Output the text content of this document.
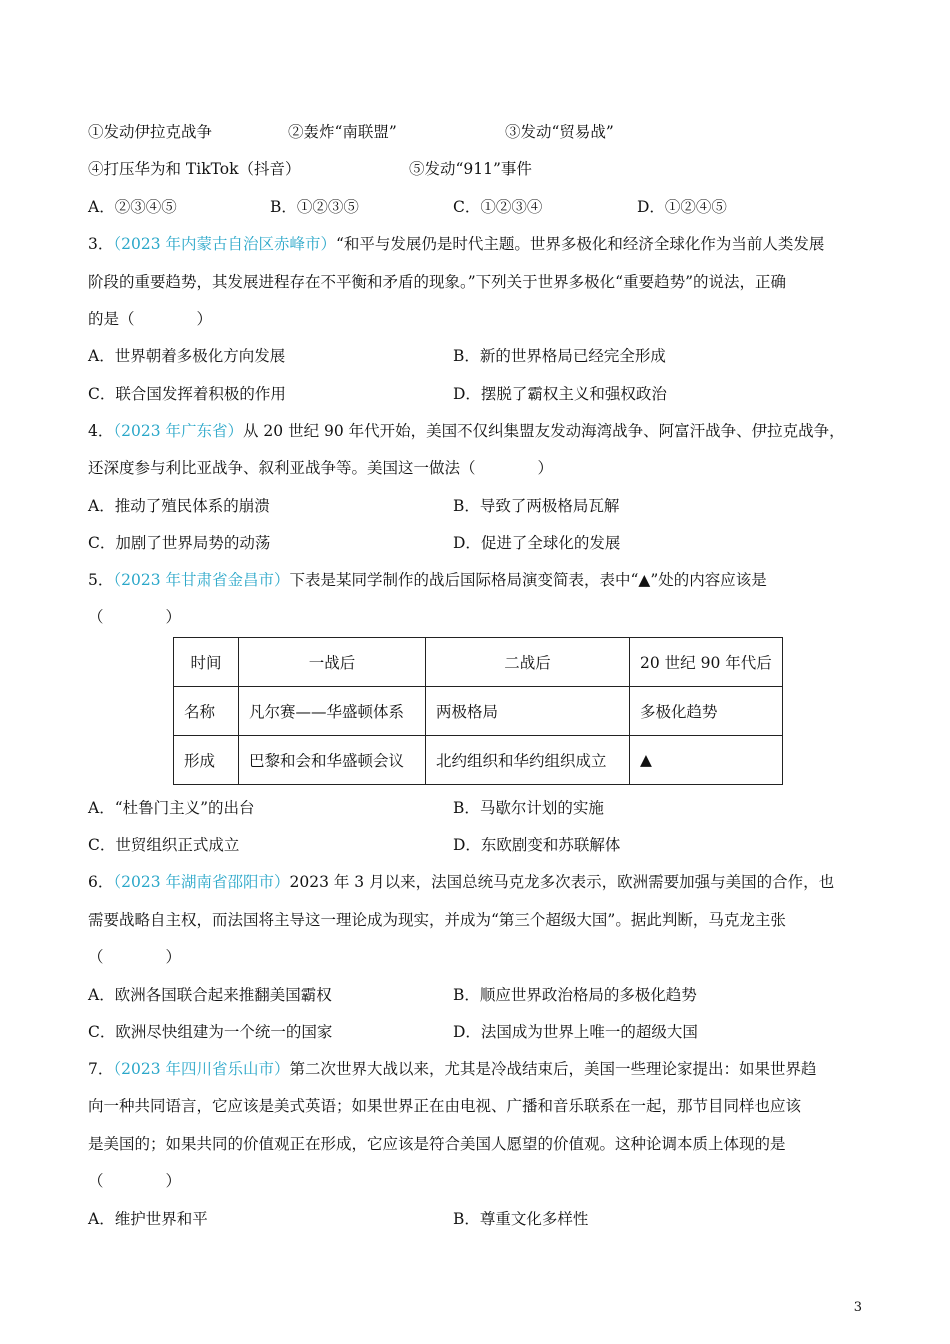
①发动伊拉克战争	②轰炸“南联盟”	③发动“贸易战”
④打压华为和 TikTok（抖音）	⑤发动“911”事件
A．②③④⑤	B．①②③⑤	C．①②③④	D．①②④⑤
3．（2023 年内蒙古自治区赤峰市）“和平与发展仍是时代主题。世界多极化和经济全球化作为当前人类发展
阶段的重要趋势，其发展进程存在不平衡和矛盾的现象。”下列关于世界多极化“重要趋势”的说法，正确
的是（　　　　）
A．世界朝着多极化方向发展	B．新的世界格局已经完全形成
C．联合国发挥着积极的作用	D．摆脱了霸权主义和强权政治
4．（2023 年广东省）从 20 世纪 90 年代开始，美国不仅纠集盟友发动海湾战争、阿富汗战争、伊拉克战争，
还深度参与利比亚战争、叙利亚战争等。美国这一做法（　　　　）
A．推动了殖民体系的崩溃	B．导致了两极格局瓦解
C．加剧了世界局势的动荡	D．促进了全球化的发展
5．（2023 年甘肃省金昌市）下表是某同学制作的战后国际格局演变简表，表中“▲”处的内容应该是
（　　　　）
时间	一战后	二战后	20 世纪 90 年代后
名称	凡尔赛——华盛顿体系	两极格局	多极化趋势
形成	巴黎和会和华盛顿会议	北约组织和华约组织成立	▲
A．“杜鲁门主义”的出台	B．马歇尔计划的实施
C．世贸组织正式成立	D．东欧剧变和苏联解体
6．（2023 年湖南省邵阳市）2023 年 3 月以来，法国总统马克龙多次表示，欧洲需要加强与美国的合作，也
需要战略自主权，而法国将主导这一理论成为现实，并成为“第三个超级大国”。据此判断，马克龙主张
（　　　　）
A．欧洲各国联合起来推翻美国霸权	B．顺应世界政治格局的多极化趋势
C．欧洲尽快组建为一个统一的国家	D．法国成为世界上唯一的超级大国
7．（2023 年四川省乐山市）第二次世界大战以来，尤其是冷战结束后，美国一些理论家提出：如果世界趋
向一种共同语言，它应该是美式英语；如果世界正在由电视、广播和音乐联系在一起，那节目同样也应该
是美国的；如果共同的价值观正在形成，它应该是符合美国人愿望的价值观。这种论调本质上体现的是
（　　　　）
A．维护世界和平	B．尊重文化多样性
3
